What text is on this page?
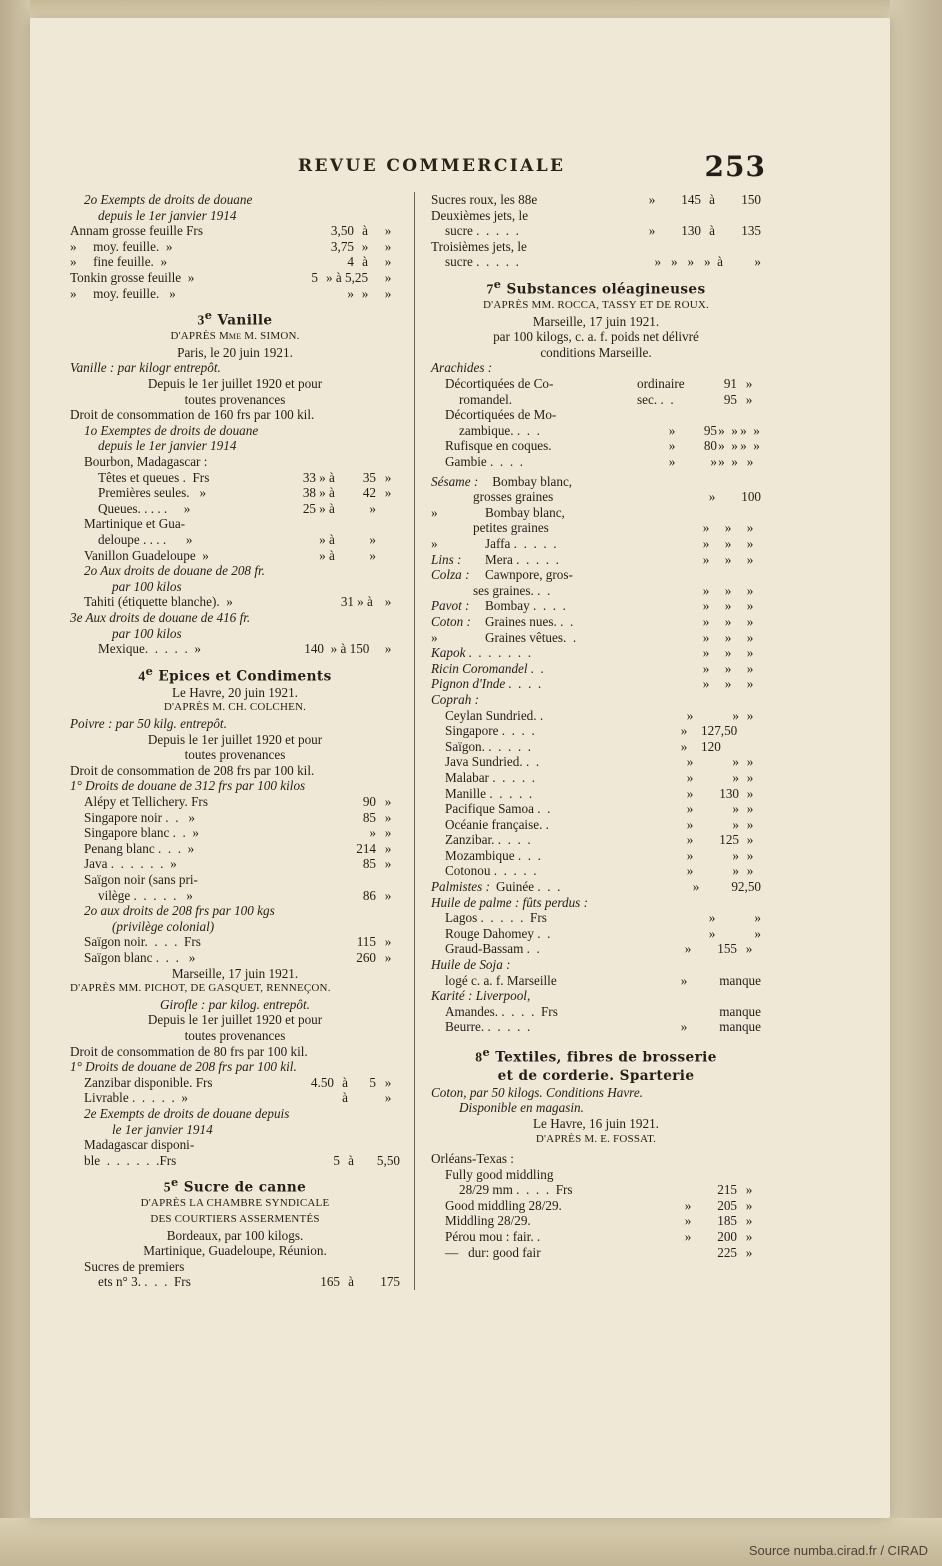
REVUE COMMERCIALE	253
2o Exempts de droits de douane
depuis le 1er janvier 1914
Annam grosse feuille Frs	3,50 à	»
»     moy. feuille.  »	3,75 »	»
»     fine feuille.  »	4 à	»
Tonkin grosse feuille  »	5 » à 5,25	»
»     moy. feuille.   »	» »	»
3e Vanille
D'APRÈS Mme M. SIMON.
Paris, le 20 juin 1921.
Vanille : par kilogr entrepôt.
Depuis le 1er juillet 1920 et pour
toutes provenances
Droit de consommation de 160 frs par 100 kil.
1o Exemptes de droits de douane
depuis le 1er janvier 1914
Bourbon, Madagascar :
Têtes et queues .  Frs	33 » à	35 »
Premières seules.   »	38 » à	42 »
Queues. . . . .     »	25 » à	»
Martinique et Gua-
deloupe . . . .      »	» à	»
Vanillon Guadeloupe  »	» à	»
2o Aux droits de douane de 208 fr.
par 100 kilos
Tahiti (étiquette blanche).  »	31 » à »
3e Aux droits de douane de 416 fr.
par 100 kilos
Mexique.  .  .  .  .  »	140 » à 150	»
4e Epices et Condiments
Le Havre, 20 juin 1921.
D'APRÈS M. CH. COLCHEN.
Poivre : par 50 kilg. entrepôt.
Depuis le 1er juillet 1920 et pour
toutes provenances
Droit de consommation de 208 frs par 100 kil.
1° Droits de douane de 312 frs par 100 kilos
Alépy et Tellichery. Frs	90 »
Singapore noir .  .   »	85 »
Singapore blanc .  .  »	» »
Penang blanc .  .  .  »	214 »
Java .  .  .  .  .  .  »	85 »
Saïgon noir (sans pri-
vilège .  .  .  .  .   »	86 »
2o aux droits de 208 frs par 100 kgs
(privilège colonial)
Saïgon noir.  .  .  .  Frs	115 »
Saïgon blanc .  .  .   »	260 »
Marseille, 17 juin 1921.
D'APRÈS MM. PICHOT, DE GASQUET, RENNEÇON.
Girofle : par kilog. entrepôt.
Depuis le 1er juillet 1920 et pour
toutes provenances
Droit de consommation de 80 frs par 100 kil.
1° Droits de douane de 208 frs par 100 kil.
Zanzibar disponible. Frs	4.50 à	5 »
Livrable .  .  .  .  .  »	à	»
2e Exempts de droits de douane depuis
le 1er janvier 1914
Madagascar disponi-
ble  .  .  .  .  .  .Frs	5 à	5,50
5e Sucre de canne
D'APRÈS LA CHAMBRE SYNDICALE
DES COURTIERS ASSERMENTÉS
Bordeaux, par 100 kilogs.
Martinique, Guadeloupe, Réunion.
Sucres de premiers
ets n° 3. .  .  .  Frs	165 à	175
Sucres roux, les 88e	»	145 à	150
Deuxièmes jets, le
sucre .  .  .  .  .	»	130 à	135
Troisièmes jets, le
sucre .  .  .  .  .	»   »   »   »  à	»
7e Substances oléagineuses
D'APRÈS MM. ROCCA, TASSY ET DE ROUX.
Marseille, 17 juin 1921.
par 100 kilogs, c. a. f. poids net délivré
conditions Marseille.
Arachides :
Décortiquées de Co-	ordinaire	91 »
romandel.	sec. .  .	95 »
Décortiquées de Mo-
zambique. .  .  .	»	95 »  » »  »
Rufisque en coques.	»	80 »  » »  »
Gambie .  .  .  .	»	» »  » »
Sésame : Bombay blanc,
grosses graines	»	100
»	Bombay blanc,
petites graines	»	»	»
»	Jaffa .  .  .  .  .	»	»	»
Lins :	Mera .  .  .  .  .	»	»	»
Colza :	Cawnpore, gros-
ses graines. .  .	»	»	»
Pavot :	Bombay .  .  .  .	»	»	»
Coton :	Graines nues. .  .	»	»	»
»	Graines vêtues.  .	»	»	»
Kapok .  .  .  .  .  .  .	»	»	»
Ricin Coromandel .  .	»	»	»
Pignon d'Inde .  .  .  .	»	»	»
Coprah :
Ceylan Sundried. .	»	» »
Singapore .  .  .  .	»	127,50
Saïgon. .  .  .  .  .	»	120
Java Sundried. .  .	»	» »
Malabar .  .  .  .  .	»	» »
Manille .  .  .  .  .	»	130 »
Pacifique Samoa .  .	»	» »
Océanie française. .	»	» »
Zanzibar. .  .  .  .	»	125 »
Mozambique .  .  .	»	» »
Cotonou .  .  .  .  .	»	» »
Palmistes : Guinée .  .  .	»	92,50
Huile de palme : fûts perdus :
Lagos .  .  .  .  .  Frs	»	»
Rouge Dahomey .  .	»	»
Graud-Bassam .  .	»	155 »
Huile de Soja :
logé c. a. f. Marseille	»	manque
Karité : Liverpool,
Amandes. .  .  .  .  Frs	manque
Beurre. .  .  .  .  .	»	manque
8e Textiles, fibres de brosserie
et de corderie. Sparterie
Coton, par 50 kilogs. Conditions Havre.
Disponible en magasin.
Le Havre, 16 juin 1921.
D'APRÈS M. E. FOSSAT.
Orléans-Texas :
Fully good middling
28/29 mm .  .  .  .  Frs	215 »
Good middling 28/29.	»	205 »
Middling 28/29.	»	185 »
Pérou mou : fair. .	»	200 »
—   dur: good fair	225 »
Source numba.cirad.fr / CIRAD
